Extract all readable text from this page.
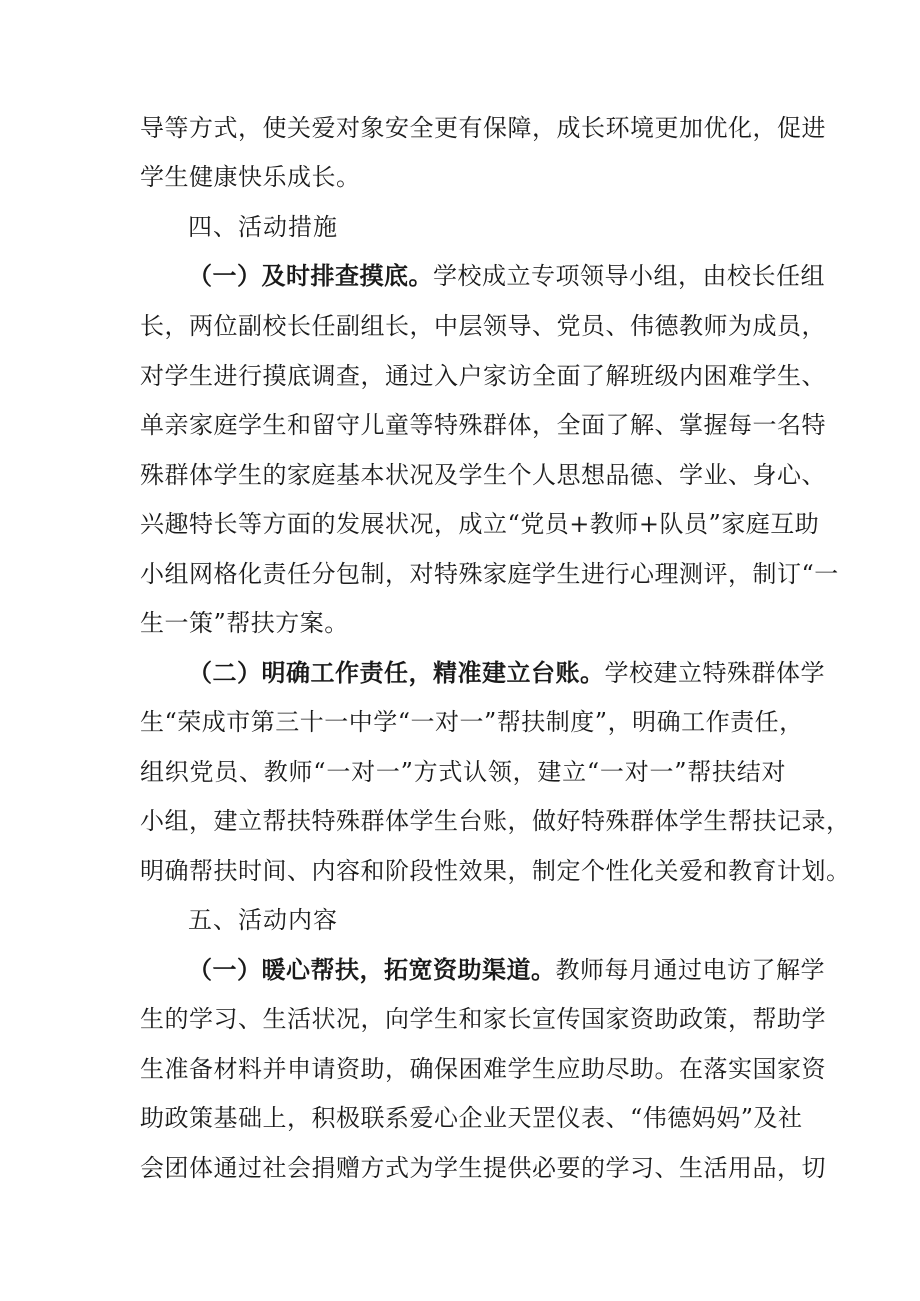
导等方式，使关爱对象安全更有保障，成长环境更加优化，促进
学生健康快乐成长。
四、活动措施
（一）及时排查摸底。学校成立专项领导小组，由校长任组
长，两位副校长任副组长，中层领导、党员、伟德教师为成员，
对学生进行摸底调查，通过入户家访全面了解班级内困难学生、
单亲家庭学生和留守儿童等特殊群体，全面了解、掌握每一名特
殊群体学生的家庭基本状况及学生个人思想品德、学业、身心、
兴趣特长等方面的发展状况，成立“党员+教师+队员”家庭互助
小组网格化责任分包制，对特殊家庭学生进行心理测评，制订“一
生一策”帮扶方案。
（二）明确工作责任，精准建立台账。学校建立特殊群体学
生“荣成市第三十一中学“一对一”帮扶制度”，明确工作责任，
组织党员、教师“一对一”方式认领，建立“一对一”帮扶结对
小组，建立帮扶特殊群体学生台账，做好特殊群体学生帮扶记录，
明确帮扶时间、内容和阶段性效果，制定个性化关爱和教育计划。
五、活动内容
（一）暖心帮扶，拓宽资助渠道。教师每月通过电访了解学
生的学习、生活状况，向学生和家长宣传国家资助政策，帮助学
生准备材料并申请资助，确保困难学生应助尽助。在落实国家资
助政策基础上，积极联系爱心企业天罡仪表、“伟德妈妈”及社
会团体通过社会捐赠方式为学生提供必要的学习、生活用品，切
